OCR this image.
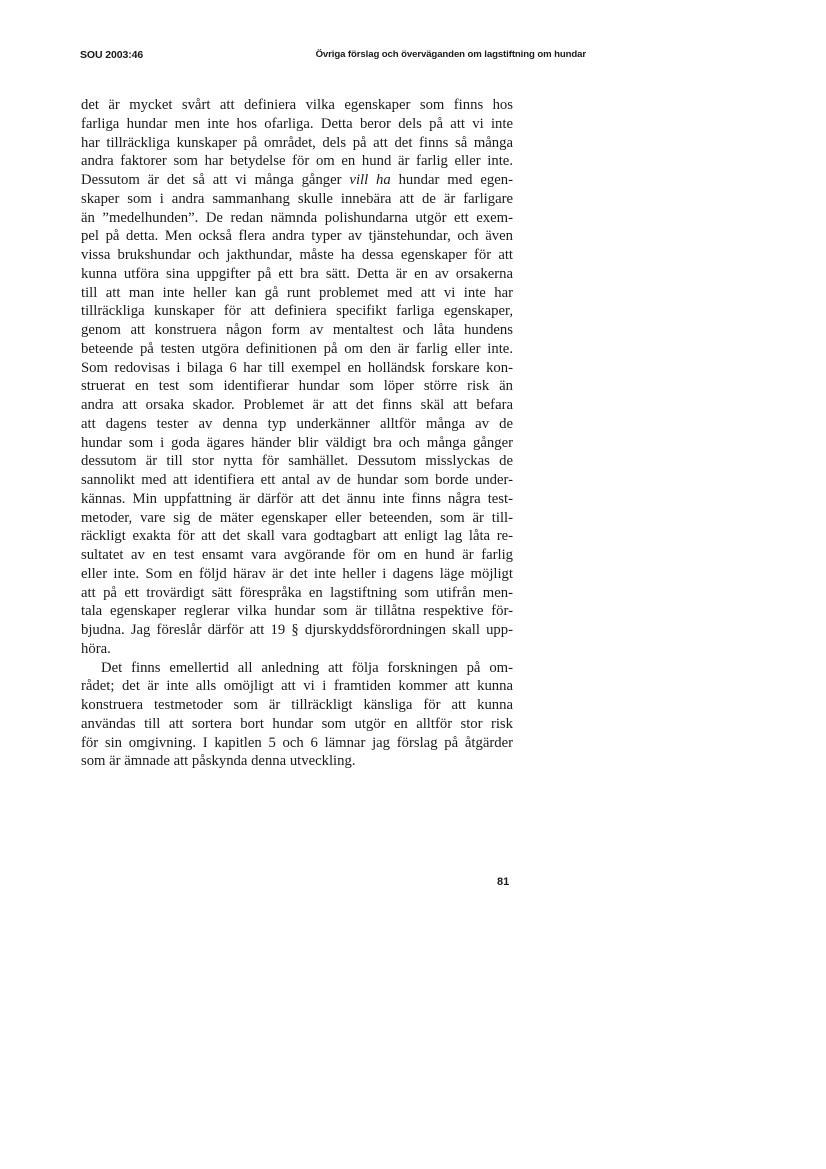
SOU 2003:46	Övriga förslag och överväganden om lagstiftning om hundar
det är mycket svårt att definiera vilka egenskaper som finns hos
farliga hundar men inte hos ofarliga. Detta beror dels på att vi inte
har tillräckliga kunskaper på området, dels på att det finns så många
andra faktorer som har betydelse för om en hund är farlig eller inte.
Dessutom är det så att vi många gånger vill ha hundar med egen-
skaper som i andra sammanhang skulle innebära att de är farligare
än ”medelhunden”. De redan nämnda polishundarna utgör ett exem-
pel på detta. Men också flera andra typer av tjänstehundar, och även
vissa brukshundar och jakthundar, måste ha dessa egenskaper för att
kunna utföra sina uppgifter på ett bra sätt. Detta är en av orsakerna
till att man inte heller kan gå runt problemet med att vi inte har
tillräckliga kunskaper för att definiera specifikt farliga egenskaper,
genom att konstruera någon form av mentaltest och låta hundens
beteende på testen utgöra definitionen på om den är farlig eller inte.
Som redovisas i bilaga 6 har till exempel en holländsk forskare kon-
struerat en test som identifierar hundar som löper större risk än
andra att orsaka skador. Problemet är att det finns skäl att befara
att dagens tester av denna typ underkänner alltför många av de
hundar som i goda ägares händer blir väldigt bra och många gånger
dessutom är till stor nytta för samhället. Dessutom misslyckas de
sannolikt med att identifiera ett antal av de hundar som borde under-
kännas. Min uppfattning är därför att det ännu inte finns några test-
metoder, vare sig de mäter egenskaper eller beteenden, som är till-
räckligt exakta för att det skall vara godtagbart att enligt lag låta re-
sultatet av en test ensamt vara avgörande för om en hund är farlig
eller inte. Som en följd härav är det inte heller i dagens läge möjligt
att på ett trovärdigt sätt förespråka en lagstiftning som utifrån men-
tala egenskaper reglerar vilka hundar som är tillåtna respektive för-
bjudna. Jag föreslår därför att 19 § djurskyddsförordningen skall upp-
höra.
Det finns emellertid all anledning att följa forskningen på om-
rådet; det är inte alls omöjligt att vi i framtiden kommer att kunna
konstruera testmetoder som är tillräckligt känsliga för att kunna
användas till att sortera bort hundar som utgör en alltför stor risk
för sin omgivning. I kapitlen 5 och 6 lämnar jag förslag på åtgärder
som är ämnade att påskynda denna utveckling.
81
